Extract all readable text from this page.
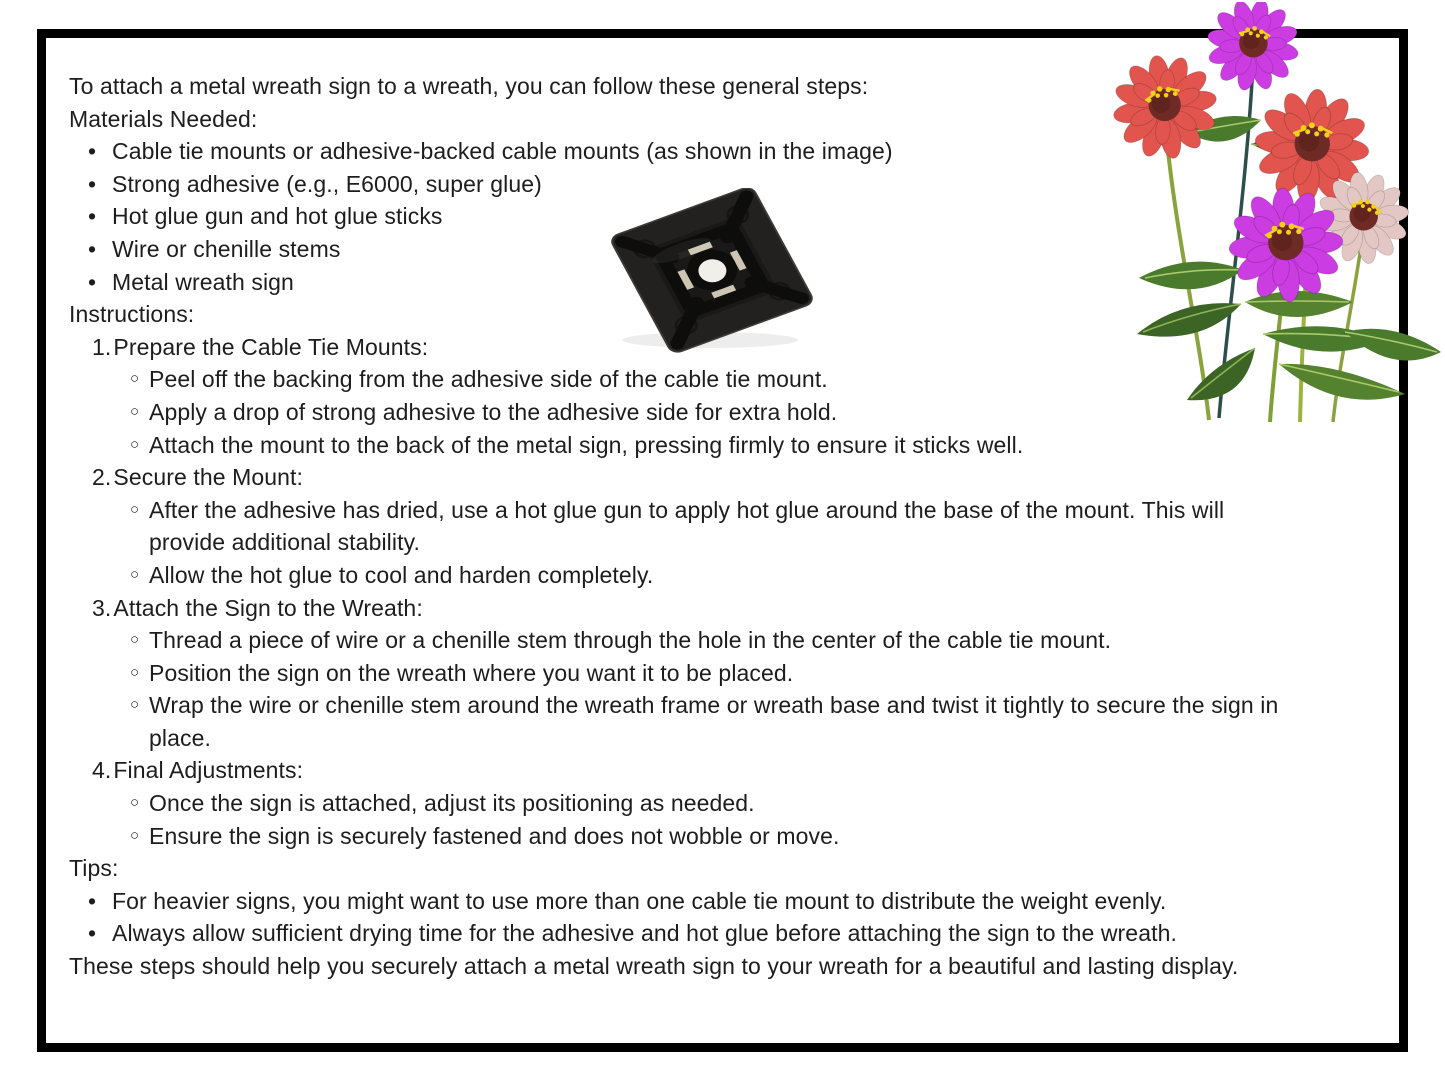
To attach a metal wreath sign to a wreath, you can follow these general steps:

Materials Needed:

• Cable tie mounts or adhesive-backed cable mounts (as shown in the image)
• Strong adhesive (e.g., E6000, super glue)
• Hot glue gun and hot glue sticks
• Wire or chenille stems
• Metal wreath sign

Instructions:

1. Prepare the Cable Tie Mounts:
○ Peel off the backing from the adhesive side of the cable tie mount.
○ Apply a drop of strong adhesive to the adhesive side for extra hold.
○ Attach the mount to the back of the metal sign, pressing firmly to ensure it sticks well.
2. Secure the Mount:
○ After the adhesive has dried, use a hot glue gun to apply hot glue around the base of the mount. This will provide additional stability.
○ Allow the hot glue to cool and harden completely.
3. Attach the Sign to the Wreath:
○ Thread a piece of wire or a chenille stem through the hole in the center of the cable tie mount.
○ Position the sign on the wreath where you want it to be placed.
○ Wrap the wire or chenille stem around the wreath frame or wreath base and twist it tightly to secure the sign in place.
4. Final Adjustments:
○ Once the sign is attached, adjust its positioning as needed.
○ Ensure the sign is securely fastened and does not wobble or move.

Tips:

• For heavier signs, you might want to use more than one cable tie mount to distribute the weight evenly.
• Always allow sufficient drying time for the adhesive and hot glue before attaching the sign to the wreath.

These steps should help you securely attach a metal wreath sign to your wreath for a beautiful and lasting display.
